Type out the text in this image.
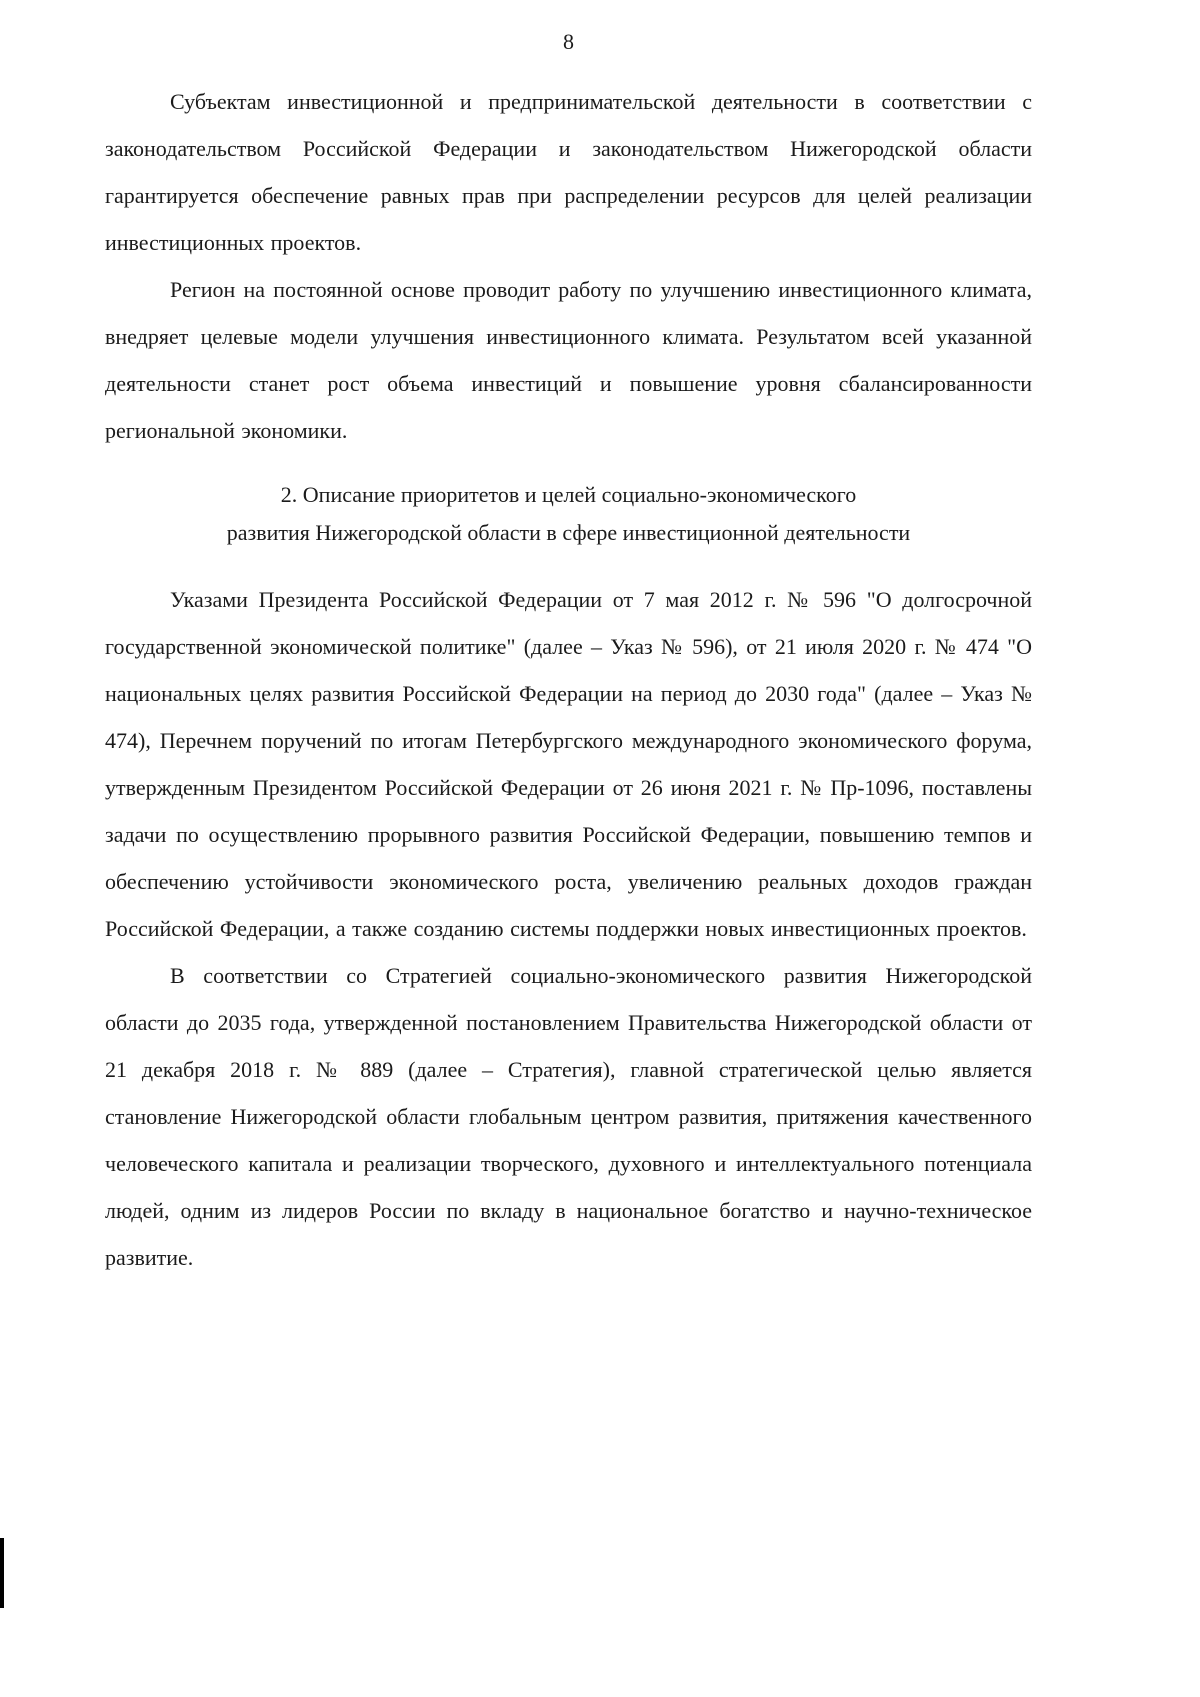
8

Субъектам инвестиционной и предпринимательской деятельности в соответствии с законодательством Российской Федерации и законодательством Нижегородской области гарантируется обеспечение равных прав при распределении ресурсов для целей реализации инвестиционных проектов.

Регион на постоянной основе проводит работу по улучшению инвестиционного климата, внедряет целевые модели улучшения инвестиционного климата. Результатом всей указанной деятельности станет рост объема инвестиций и повышение уровня сбалансированности региональной экономики.

2. Описание приоритетов и целей социально-экономического
развития Нижегородской области в сфере инвестиционной деятельности

Указами Президента Российской Федерации от 7 мая 2012 г. № 596 "О долгосрочной государственной экономической политике" (далее – Указ № 596), от 21 июля 2020 г. № 474 "О национальных целях развития Российской Федерации на период до 2030 года" (далее – Указ № 474), Перечнем поручений по итогам Петербургского международного экономического форума, утвержденным Президентом Российской Федерации от 26 июня 2021 г. № Пр-1096, поставлены задачи по осуществлению прорывного развития Российской Федерации, повышению темпов и обеспечению устойчивости экономического роста, увеличению реальных доходов граждан Российской Федерации, а также созданию системы поддержки новых инвестиционных проектов.

В соответствии со Стратегией социально-экономического развития Нижегородской области до 2035 года, утвержденной постановлением Правительства Нижегородской области от 21 декабря 2018 г. № 889 (далее – Стратегия), главной стратегической целью является становление Нижегородской области глобальным центром развития, притяжения качественного человеческого капитала и реализации творческого, духовного и интеллектуального потенциала людей, одним из лидеров России по вкладу в национальное богатство и научно-техническое развитие.
